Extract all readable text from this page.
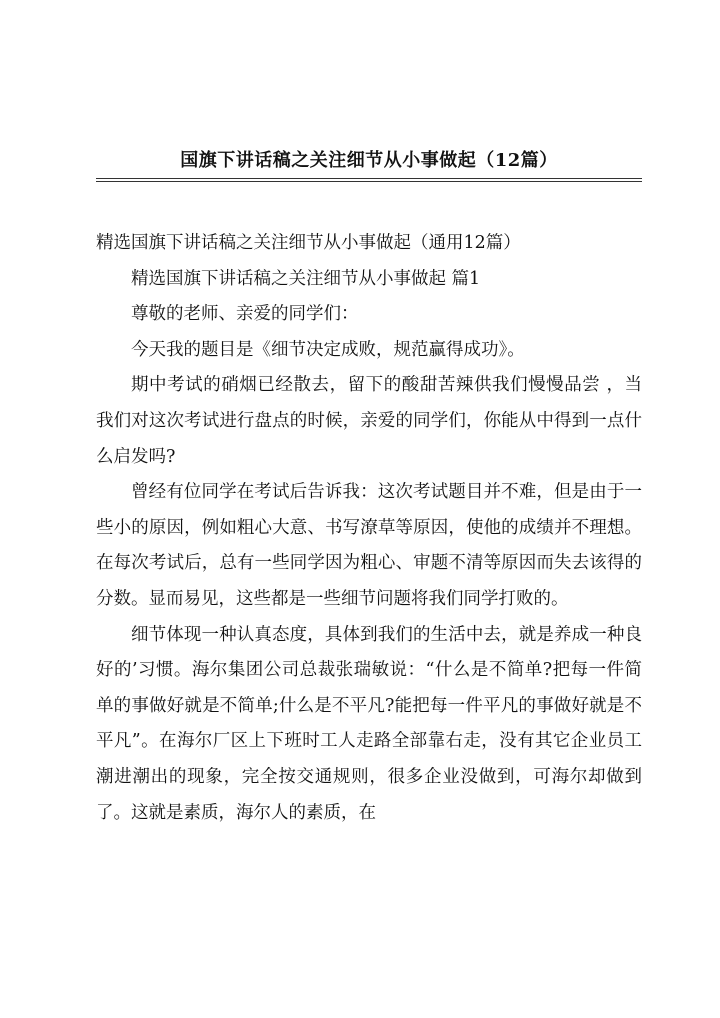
国旗下讲话稿之关注细节从小事做起（12篇）

精选国旗下讲话稿之关注细节从小事做起（通用12篇）

精选国旗下讲话稿之关注细节从小事做起 篇1

尊敬的老师、亲爱的同学们：

今天我的题目是《细节决定成败，规范赢得成功》。

期中考试的硝烟已经散去，留下的酸甜苦辣供我们慢慢品尝 ，当我们对这次考试进行盘点的时候，亲爱的同学们，你能从中得到一点什么启发吗?

曾经有位同学在考试后告诉我：这次考试题目并不难，但是由于一些小的原因，例如粗心大意、书写潦草等原因，使他的成绩并不理想。在每次考试后，总有一些同学因为粗心、审题不清等原因而失去该得的分数。显而易见，这些都是一些细节问题将我们同学打败的。

细节体现一种认真态度，具体到我们的生活中去，就是养成一种良好的’习惯。海尔集团公司总裁张瑞敏说：“什么是不简单?把每一件简单的事做好就是不简单;什么是不平凡?能把每一件平凡的事做好就是不平凡”。在海尔厂区上下班时工人走路全部靠右走，没有其它企业员工潮进潮出的现象，完全按交通规则，很多企业没做到，可海尔却做到了。这就是素质，海尔人的素质，在
